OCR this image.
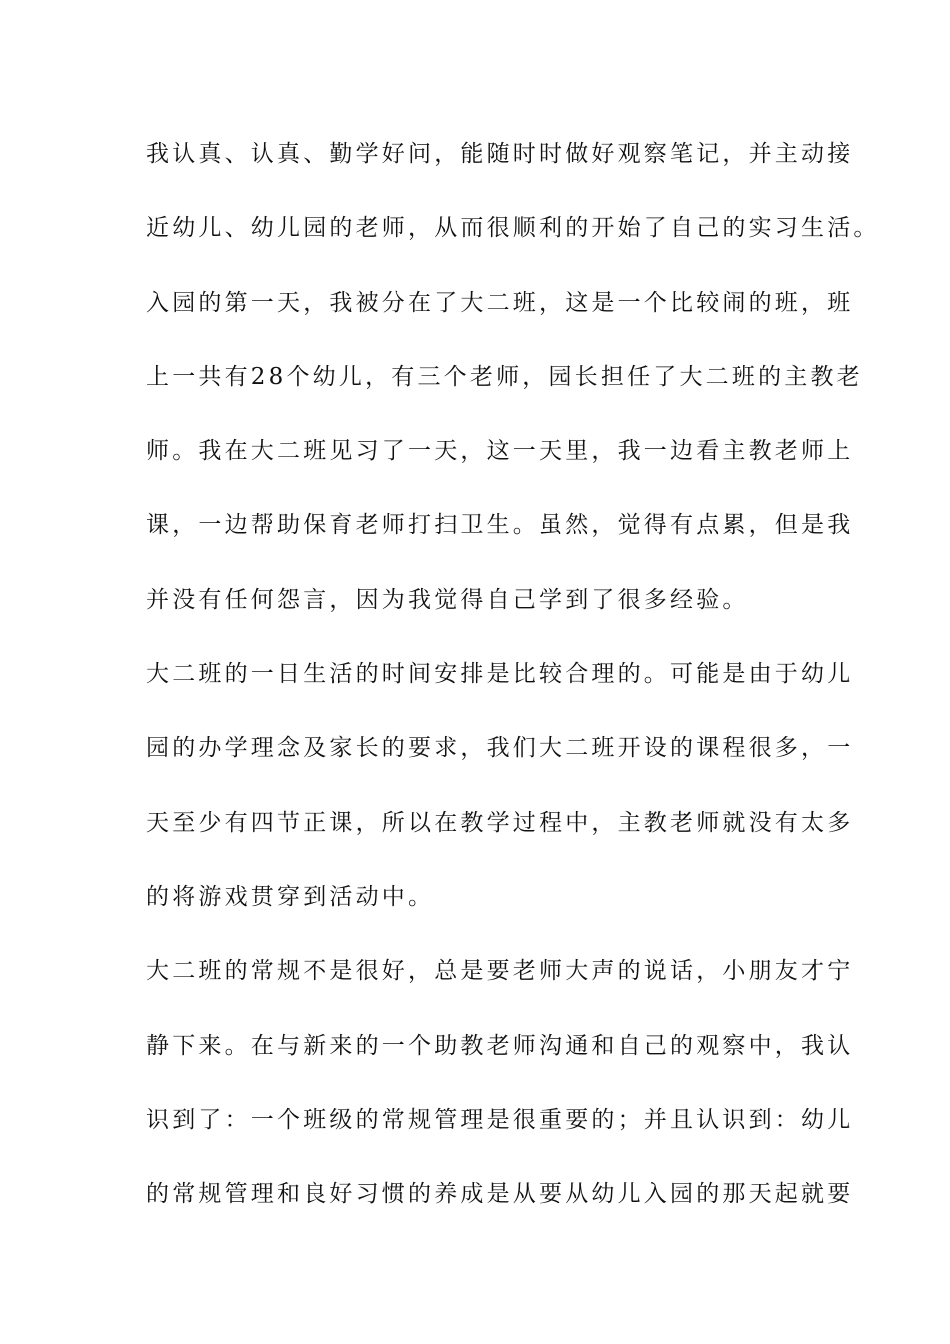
我认真、认真、勤学好问，能随时时做好观察笔记，并主动接
近幼儿、幼儿园的老师，从而很顺利的开始了自己的实习生活。
入园的第一天，我被分在了大二班，这是一个比较闹的班，班
上一共有28个幼儿，有三个老师，园长担任了大二班的主教老
师。我在大二班见习了一天，这一天里，我一边看主教老师上
课，一边帮助保育老师打扫卫生。虽然，觉得有点累，但是我
并没有任何怨言，因为我觉得自己学到了很多经验。
大二班的一日生活的时间安排是比较合理的。可能是由于幼儿
园的办学理念及家长的要求，我们大二班开设的课程很多，一
天至少有四节正课，所以在教学过程中，主教老师就没有太多
的将游戏贯穿到活动中。
大二班的常规不是很好，总是要老师大声的说话，小朋友才宁
静下来。在与新来的一个助教老师沟通和自己的观察中，我认
识到了：一个班级的常规管理是很重要的；并且认识到：幼儿
的常规管理和良好习惯的养成是从要从幼儿入园的那天起就要
